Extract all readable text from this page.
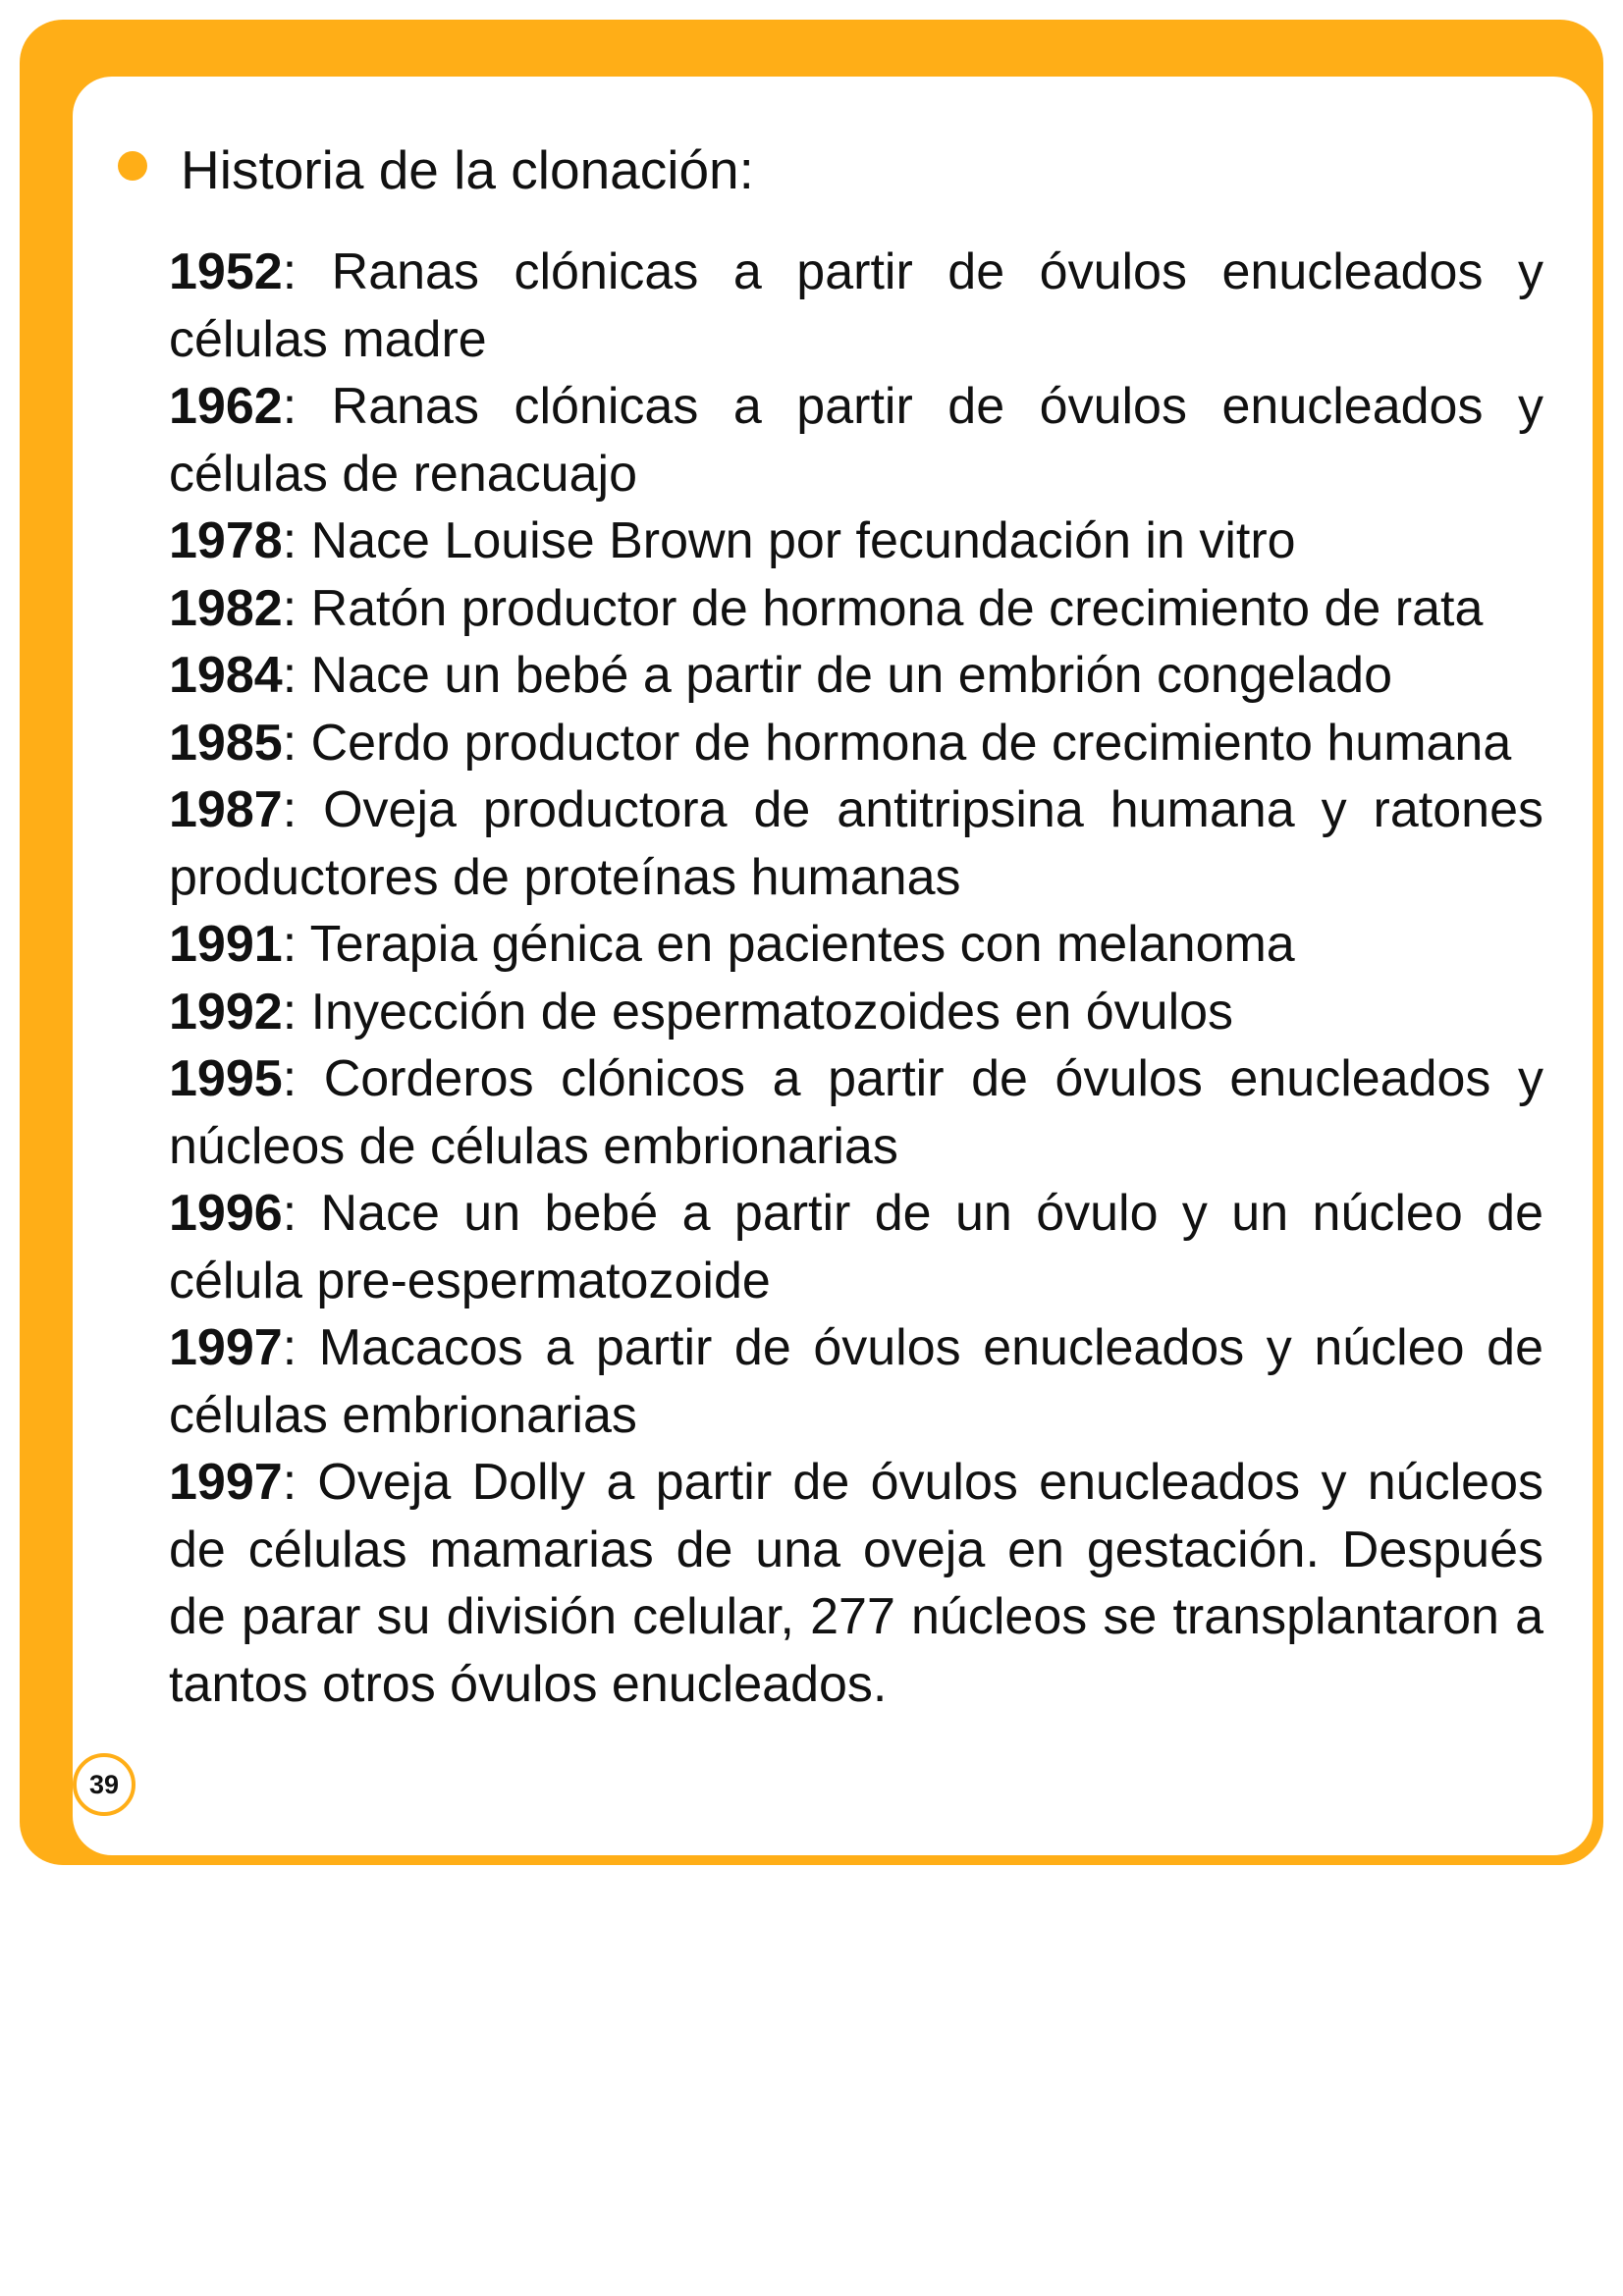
Historia de la clonación:
1952: Ranas clónicas a partir de óvulos enucleados y células madre
1962: Ranas clónicas a partir de óvulos enucleados y células de renacuajo
1978: Nace Louise Brown por fecundación in vitro
1982: Ratón productor de hormona de crecimiento de rata
1984: Nace un bebé a partir de un embrión congelado
1985: Cerdo productor de hormona de crecimiento humana
1987: Oveja productora de antitripsina humana y ratones productores de proteínas humanas
1991: Terapia génica en pacientes con melanoma
1992: Inyección de espermatozoides en óvulos
1995: Corderos clónicos a partir de óvulos enucleados y núcleos de células embrionarias
1996: Nace un bebé a partir de un óvulo y un núcleo de célula pre-espermatozoide
1997: Macacos a partir de óvulos enucleados y núcleo de células embrionarias
1997: Oveja Dolly a partir de óvulos enucleados y núcleos de células mamarias de una oveja en gestación. Después de parar su división celular, 277 núcleos se transplantaron a tantos otros óvulos enucleados.
39
